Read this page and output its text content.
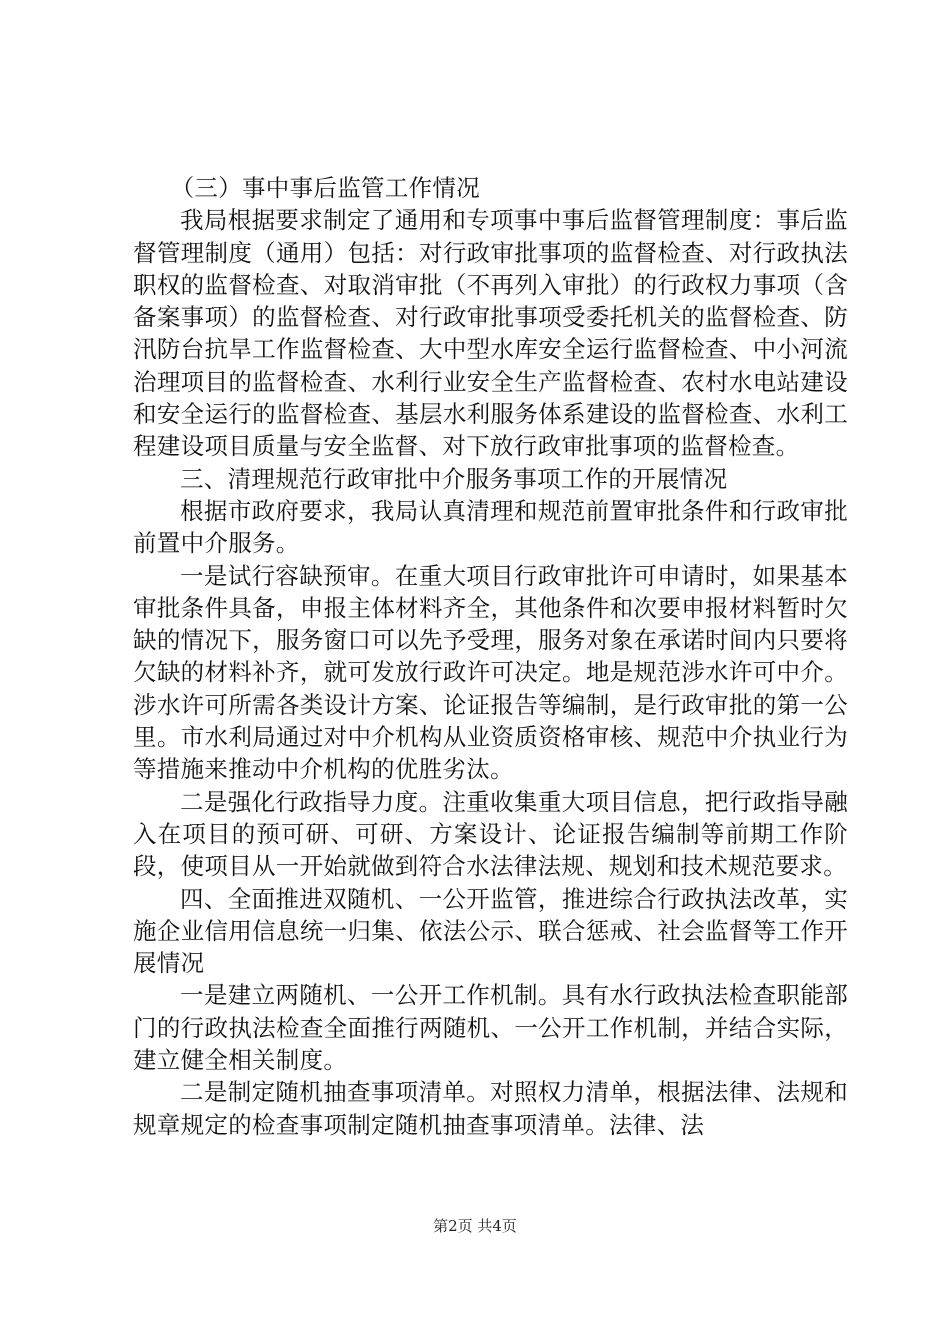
（三）事中事后监管工作情况

我局根据要求制定了通用和专项事中事后监督管理制度：事后监督管理制度（通用）包括：对行政审批事项的监督检查、对行政执法职权的监督检查、对取消审批（不再列入审批）的行政权力事项（含备案事项）的监督检查、对行政审批事项受委托机关的监督检查、防汛防台抗旱工作监督检查、大中型水库安全运行监督检查、中小河流治理项目的监督检查、水利行业安全生产监督检查、农村水电站建设和安全运行的监督检查、基层水利服务体系建设的监督检查、水利工程建设项目质量与安全监督、对下放行政审批事项的监督检查。

三、清理规范行政审批中介服务事项工作的开展情况

根据市政府要求，我局认真清理和规范前置审批条件和行政审批前置中介服务。

一是试行容缺预审。在重大项目行政审批许可申请时，如果基本审批条件具备，申报主体材料齐全，其他条件和次要申报材料暂时欠缺的情况下，服务窗口可以先予受理，服务对象在承诺时间内只要将欠缺的材料补齐，就可发放行政许可决定。地是规范涉水许可中介。涉水许可所需各类设计方案、论证报告等编制，是行政审批的第一公里。市水利局通过对中介机构从业资质资格审核、规范中介执业行为等措施来推动中介机构的优胜劣汰。

二是强化行政指导力度。注重收集重大项目信息，把行政指导融入在项目的预可研、可研、方案设计、论证报告编制等前期工作阶段，使项目从一开始就做到符合水法律法规、规划和技术规范要求。

四、全面推进双随机、一公开监管，推进综合行政执法改革，实施企业信用信息统一归集、依法公示、联合惩戒、社会监督等工作开展情况

一是建立两随机、一公开工作机制。具有水行政执法检查职能部门的行政执法检查全面推行两随机、一公开工作机制，并结合实际，建立健全相关制度。

二是制定随机抽查事项清单。对照权力清单，根据法律、法规和规章规定的检查事项制定随机抽查事项清单。法律、法

第2页 共4页
